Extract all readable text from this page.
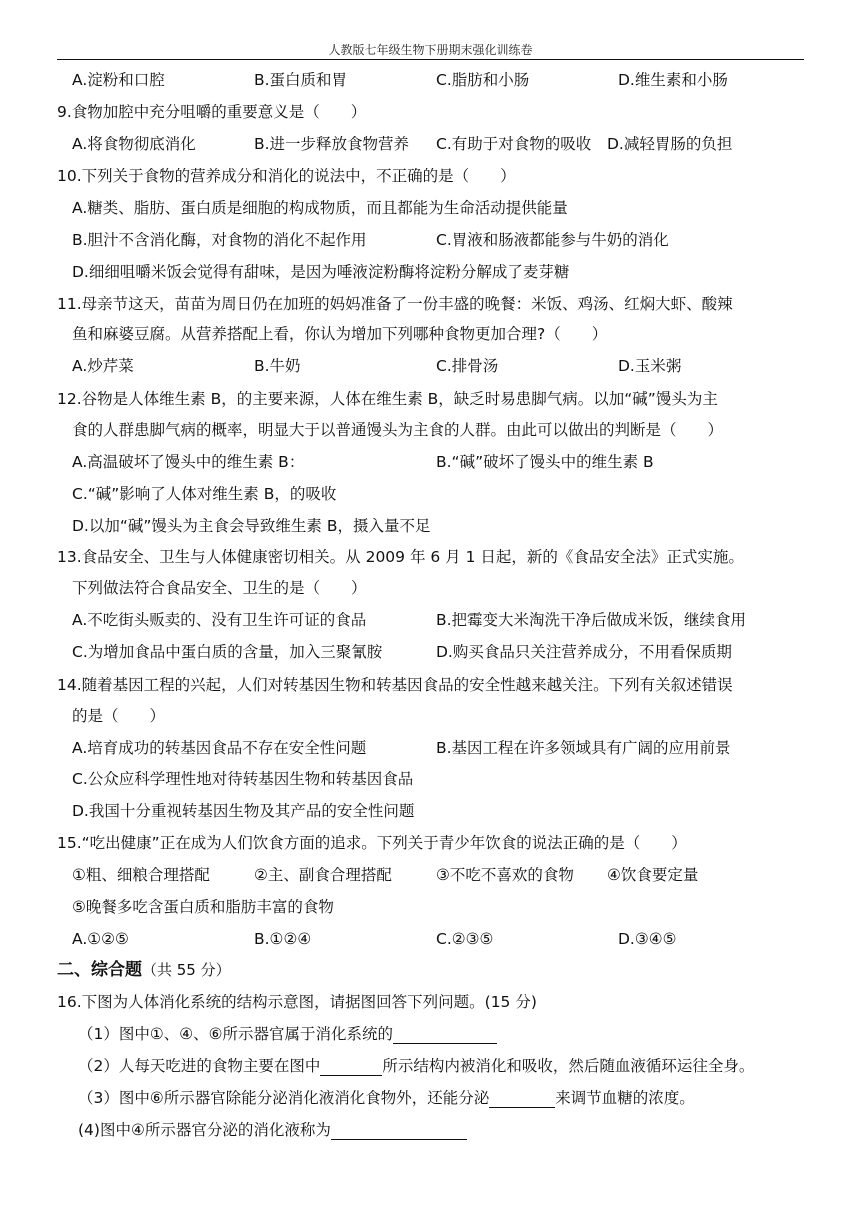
人教版七年级生物下册期末强化训练卷
A.淀粉和口腔	B.蛋白质和胃	C.脂肪和小肠	D.维生素和小肠
9.食物加腔中充分咀嚼的重要意义是（　　）
A.将食物彻底消化	B.进一步释放食物营养 C.有助于对食物的吸收 D.减轻胃肠的负担
10.下列关于食物的营养成分和消化的说法中，不正确的是（　　）
A.糖类、脂肪、蛋白质是细胞的构成物质，而且都能为生命活动提供能量
B.胆汁不含消化酶，对食物的消化不起作用	C.胃液和肠液都能参与牛奶的消化
D.细细咀嚼米饭会觉得有甜味，是因为唾液淀粉酶将淀粉分解成了麦芽糖
11.母亲节这天，苗苗为周日仍在加班的妈妈准备了一份丰盛的晚餐：米饭、鸡汤、红焖大虾、酸辣
鱼和麻婆豆腐。从营养搭配上看，你认为增加下列哪种食物更加合理?（　　）
A.炒芹菜	B.牛奶	C.排骨汤	D.玉米粥
12.谷物是人体维生素 B，的主要来源，人体在维生素 B，缺乏时易患脚气病。以加“碱”馒头为主
食的人群患脚气病的概率，明显大于以普通馒头为主食的人群。由此可以做出的判断是（　　）
A.高温破坏了馒头中的维生素 B：	B.“碱”破坏了馒头中的维生素 B
C.“碱”影响了人体对维生素 B，的吸收
D.以加“碱”馒头为主食会导致维生素 B，摄入量不足
13.食品安全、卫生与人体健康密切相关。从 2009 年 6 月 1 日起，新的《食品安全法》正式实施。
下列做法符合食品安全、卫生的是（　　）
A.不吃街头贩卖的、没有卫生许可证的食品	B.把霉变大米淘洗干净后做成米饭，继续食用
C.为增加食品中蛋白质的含量，加入三聚氰胺	D.购买食品只关注营养成分，不用看保质期
14.随着基因工程的兴起，人们对转基因生物和转基因食品的安全性越来越关注。下列有关叙述错误
的是（　　）
A.培育成功的转基因食品不存在安全性问题	B.基因工程在许多领域具有广阔的应用前景
C.公众应科学理性地对待转基因生物和转基因食品
D.我国十分重视转基因生物及其产品的安全性问题
15.“吃出健康”正在成为人们饮食方面的追求。下列关于青少年饮食的说法正确的是（　　）
①粗、细粮合理搭配	②主、副食合理搭配	③不吃不喜欢的食物 ④饮食要定量
⑤晚餐多吃含蛋白质和脂肪丰富的食物
A.①②⑤	B.①②④	C.②③⑤	D.③④⑤
二、综合题（共 55 分）
16.下图为人体消化系统的结构示意图，请据图回答下列问题。(15 分)
（1）图中①、④、⑥所示器官属于消化系统的
（2）人每天吃进的食物主要在图中	所示结构内被消化和吸收，然后随血液循环运往全身。
（3）图中⑥所示器官除能分泌消化液消化食物外，还能分泌	来调节血糖的浓度。
(4)图中④所示器官分泌的消化液称为
